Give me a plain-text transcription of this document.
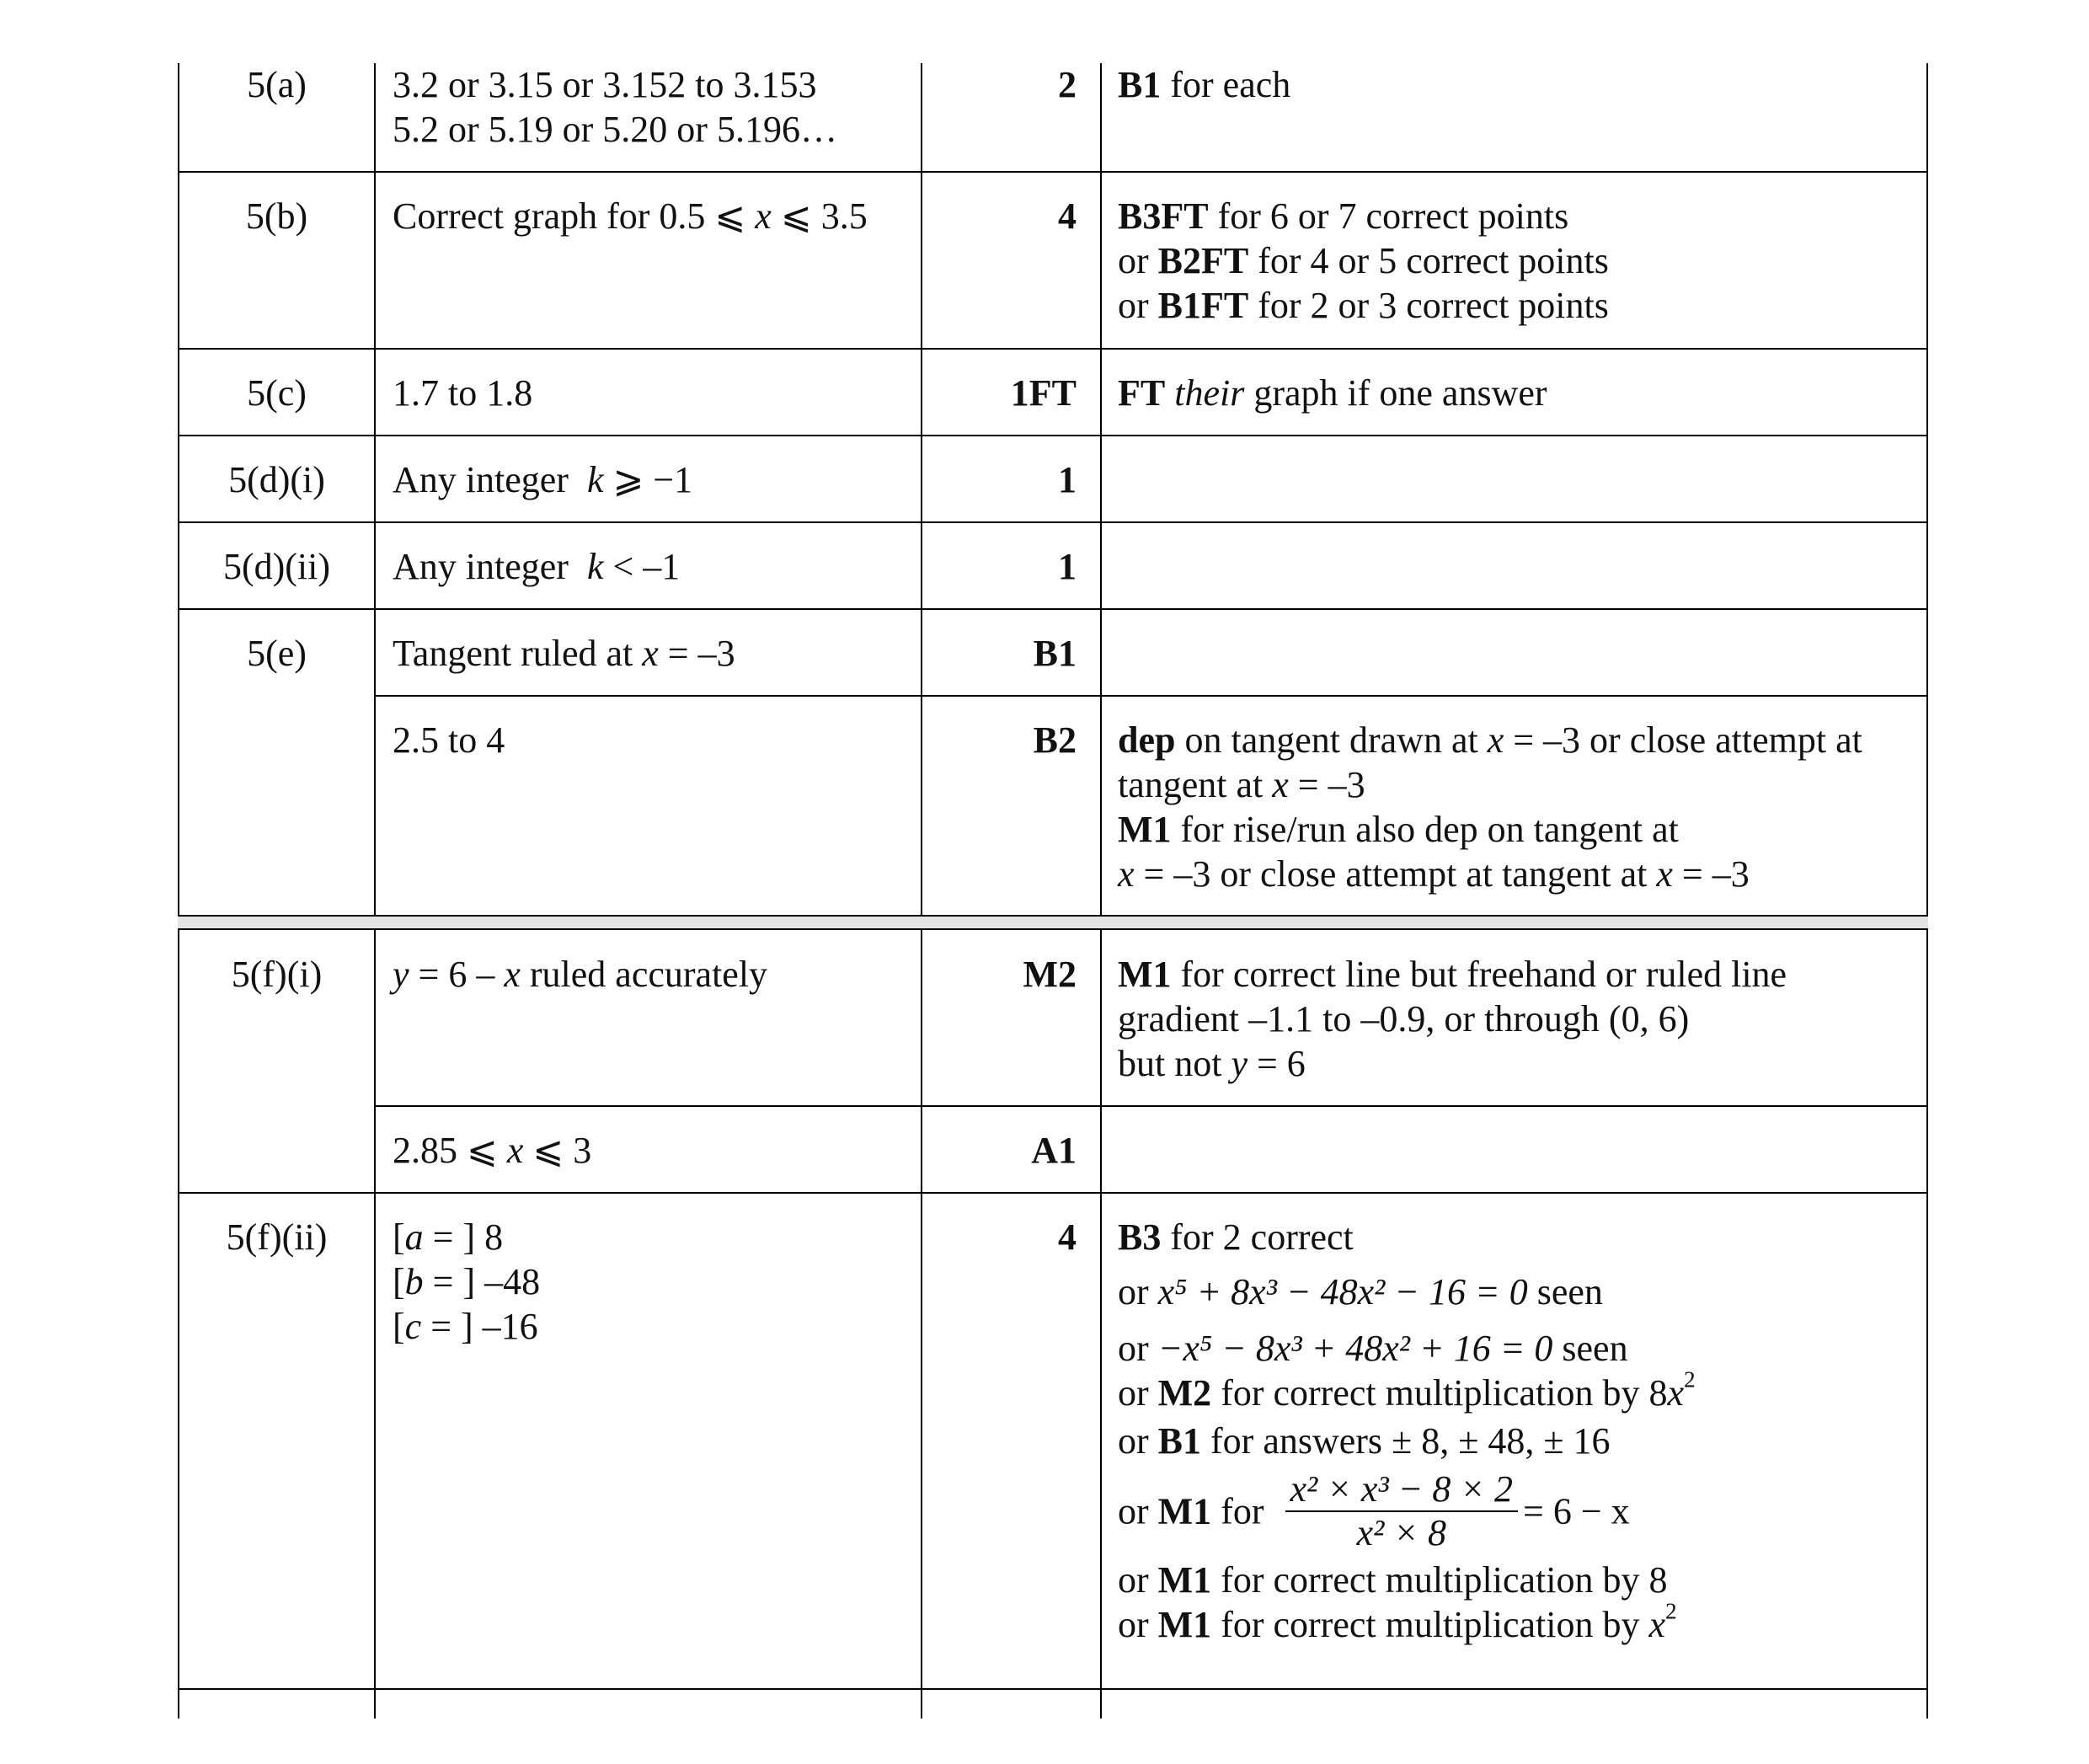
5(a)	3.2 or 3.15 or 3.152 to 3.153
5.2 or 5.19 or 5.20 or 5.196…
2 B1 for each
5(b)	Correct graph for 0.5 ⩽ x ⩽ 3.5	4 B3FT for 6 or 7 correct points
or B2FT for 4 or 5 correct points
or B1FT for 2 or 3 correct points
5(c)	1.7 to 1.8	1FT FT their graph if one answer
5(d)(i)	Any integer  k ⩾ −1	1
5(d)(ii)	Any integer  k < –1	1
5(e)	Tangent ruled at x = –3	B1
2.5 to 4	B2 dep on tangent drawn at x = –3 or close attempt at
tangent at x = –3
M1 for rise/run also dep on tangent at
x = –3 or close attempt at tangent at x = –3
5(f)(i)	y = 6 – x ruled accurately	M2 M1 for correct line but freehand or ruled line
gradient –1.1 to –0.9, or through (0, 6)
but not y = 6
2.85 ⩽ x ⩽ 3	A1
5(f)(ii)	[a = ] 8
[b = ] –48
[c = ] –16
4 B3 for 2 correct
or x⁵ + 8x³ − 48x² − 16 = 0 seen
or −x⁵ − 8x³ + 48x² + 16 = 0 seen
or M2 for correct multiplication by $8x^2$
or B1 for answers ± 8, ± 48, ± 16
or M1 for $\frac{\text{x² × x³ − 8 × 2}}{\text{x² × 8}} = 6 - x$
or M1 for correct multiplication by 8
or M1 for correct multiplication by $x^2$
